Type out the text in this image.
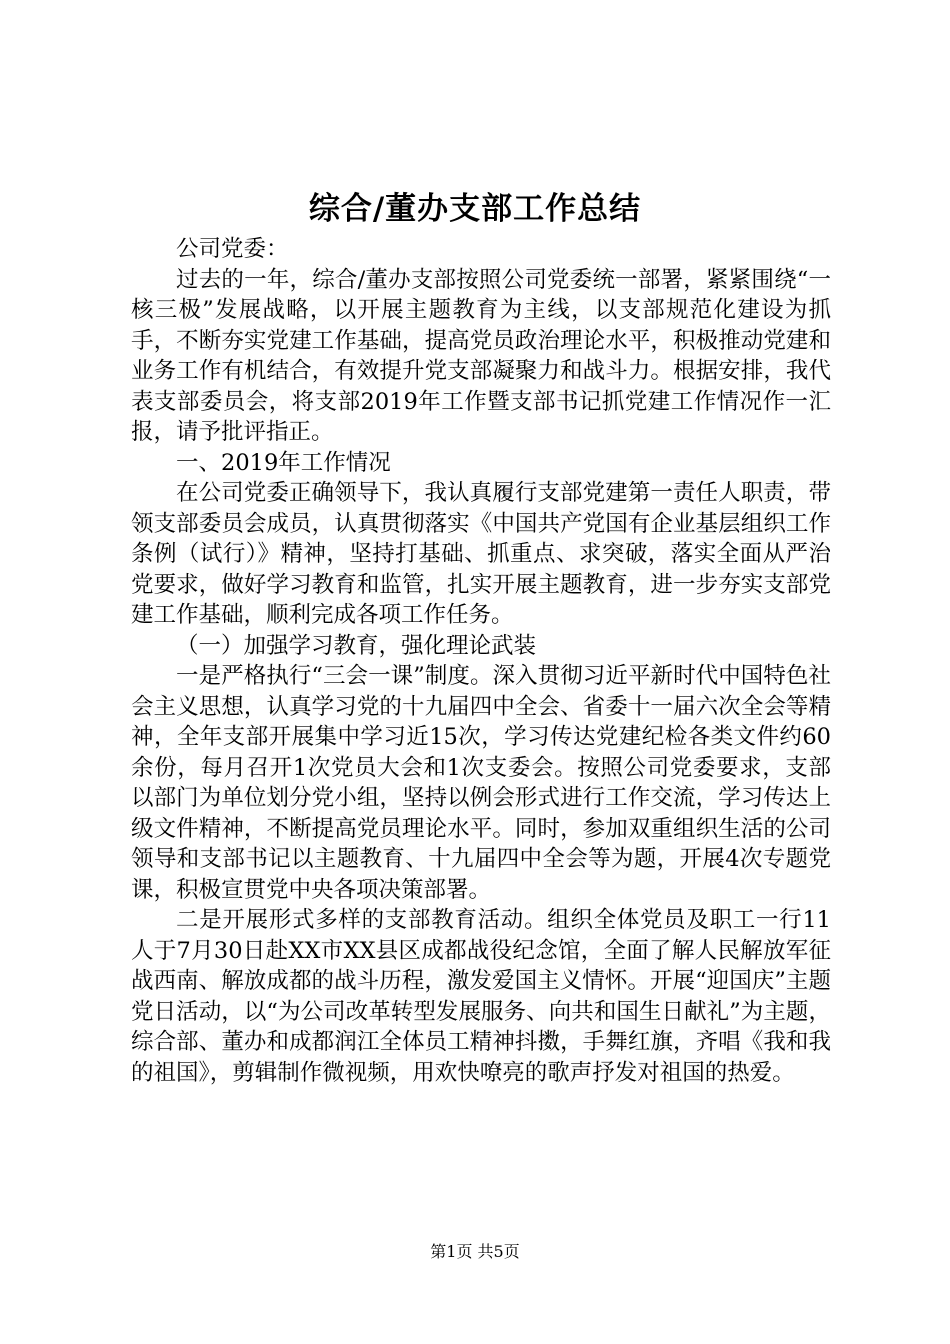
综合/董办支部工作总结

公司党委：

过去的一年，综合/董办支部按照公司党委统一部署，紧紧围绕“一核三极”发展战略，以开展主题教育为主线，以支部规范化建设为抓手，不断夯实党建工作基础，提高党员政治理论水平，积极推动党建和业务工作有机结合，有效提升党支部凝聚力和战斗力。根据安排，我代表支部委员会，将支部2019年工作暨支部书记抓党建工作情况作一汇报，请予批评指正。

一、2019年工作情况

在公司党委正确领导下，我认真履行支部党建第一责任人职责，带领支部委员会成员，认真贯彻落实《中国共产党国有企业基层组织工作条例（试行）》精神，坚持打基础、抓重点、求突破，落实全面从严治党要求，做好学习教育和监管，扎实开展主题教育，进一步夯实支部党建工作基础，顺利完成各项工作任务。

（一）加强学习教育，强化理论武装

一是严格执行“三会一课”制度。深入贯彻习近平新时代中国特色社会主义思想，认真学习党的十九届四中全会、省委十一届六次全会等精神，全年支部开展集中学习近15次，学习传达党建纪检各类文件约60余份，每月召开1次党员大会和1次支委会。按照公司党委要求，支部以部门为单位划分党小组，坚持以例会形式进行工作交流，学习传达上级文件精神，不断提高党员理论水平。同时，参加双重组织生活的公司领导和支部书记以主题教育、十九届四中全会等为题，开展4次专题党课，积极宣贯党中央各项决策部署。

二是开展形式多样的支部教育活动。组织全体党员及职工一行11人于7月30日赴XX市XX县区成都战役纪念馆，全面了解人民解放军征战西南、解放成都的战斗历程，激发爱国主义情怀。开展“迎国庆”主题党日活动，以“为公司改革转型发展服务、向共和国生日献礼”为主题，综合部、董办和成都润江全体员工精神抖擞，手舞红旗，齐唱《我和我的祖国》，剪辑制作微视频，用欢快嘹亮的歌声抒发对祖国的热爱。

第1页 共5页
